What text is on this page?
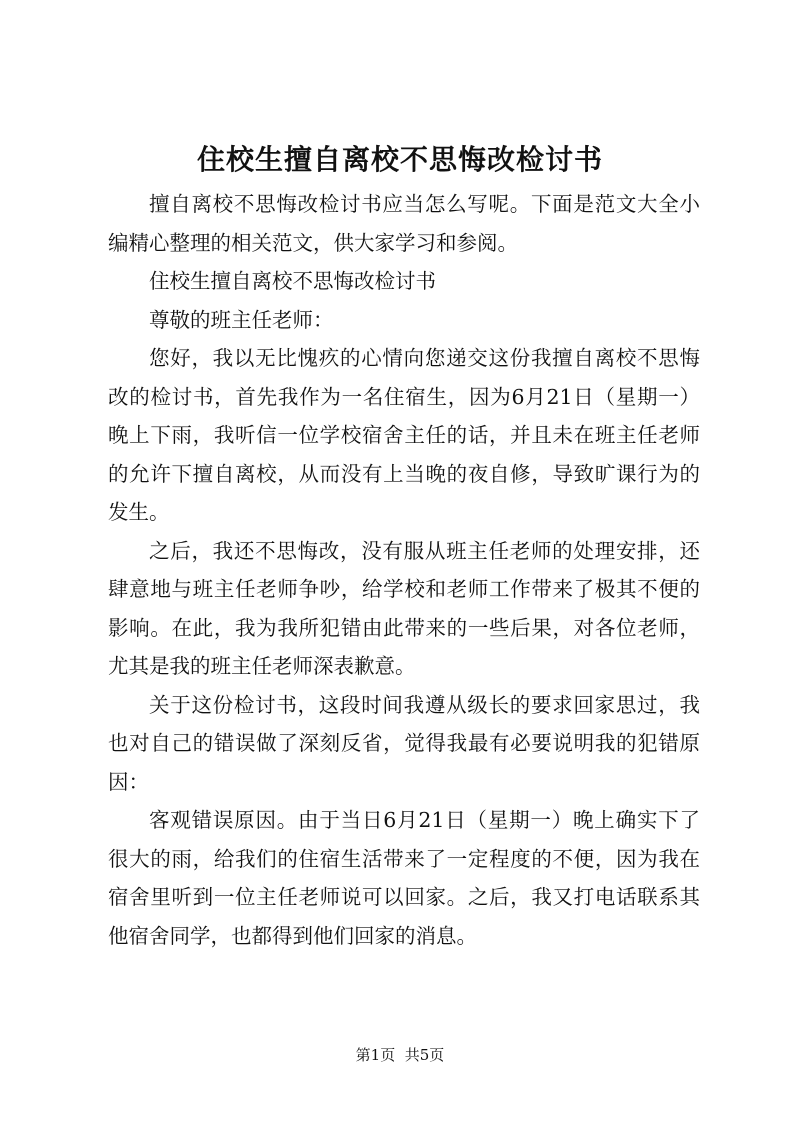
住校生擅自离校不思悔改检讨书

擅自离校不思悔改检讨书应当怎么写呢。下面是范文大全小编精心整理的相关范文，供大家学习和参阅。

住校生擅自离校不思悔改检讨书

尊敬的班主任老师：

您好，我以无比愧疚的心情向您递交这份我擅自离校不思悔改的检讨书，首先我作为一名住宿生，因为6月21日（星期一）晚上下雨，我听信一位学校宿舍主任的话，并且未在班主任老师的允许下擅自离校，从而没有上当晚的夜自修，导致旷课行为的发生。

之后，我还不思悔改，没有服从班主任老师的处理安排，还肆意地与班主任老师争吵，给学校和老师工作带来了极其不便的影响。在此，我为我所犯错由此带来的一些后果，对各位老师，尤其是我的班主任老师深表歉意。

关于这份检讨书，这段时间我遵从级长的要求回家思过，我也对自己的错误做了深刻反省，觉得我最有必要说明我的犯错原因：

客观错误原因。由于当日6月21日（星期一）晚上确实下了很大的雨，给我们的住宿生活带来了一定程度的不便，因为我在宿舍里听到一位主任老师说可以回家。之后，我又打电话联系其他宿舍同学，也都得到他们回家的消息。

第1页 共5页
